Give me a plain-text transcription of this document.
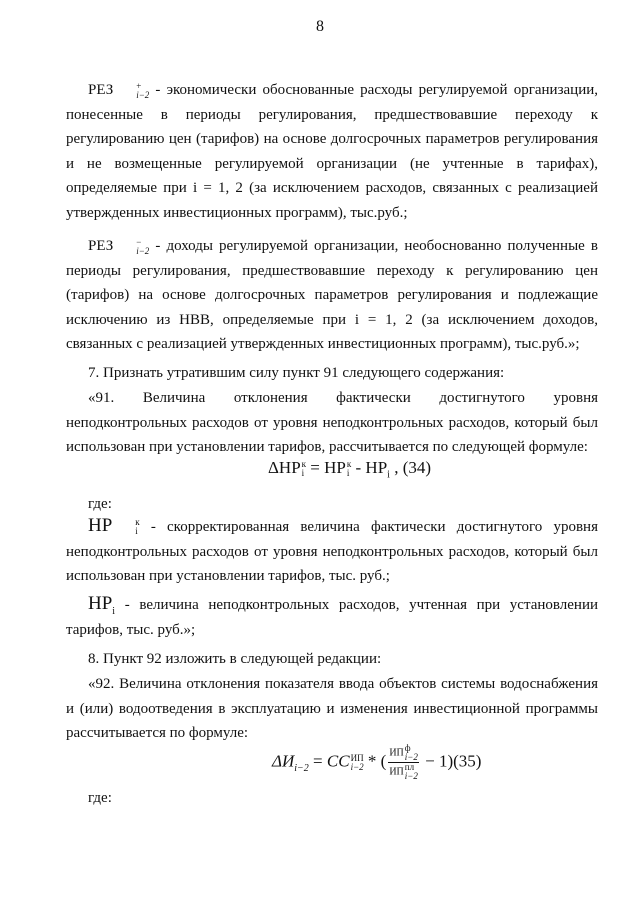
8

РЕЗ	+
i−2 - экономически обоснованные расходы регулируемой организации, понесенные в периоды регулирования, предшествовавшие переходу к регулированию цен (тарифов) на основе долгосрочных параметров регулирования и не возмещенные регулируемой организации (не учтенные в тарифах), определяемые при i = 1, 2 (за исключением расходов, связанных с реализацией утвержденных инвестиционных программ), тыс.руб.;

РЕЗ	−
i−2 - доходы регулируемой организации, необоснованно полученные в периоды регулирования, предшествовавшие переходу к регулированию цен (тарифов) на основе долгосрочных параметров регулирования и подлежащие исключению из НВВ, определяемые при i = 1, 2 (за исключением доходов, связанных с реализацией утвержденных инвестиционных программ), тыс.руб.»;

7. Признать утратившим силу пункт 91 следующего содержания:

«91. Величина отклонения фактически достигнутого уровня неподконтрольных расходов от уровня неподконтрольных расходов, который был использован при установлении тарифов, рассчитывается по следующей формуле:

ΔНР к
i = НР к
i - $НР_i$ , (34)

где:

НР	к
i - скорректированная величина фактически достигнутого уровня неподконтрольных расходов от уровня неподконтрольных расходов, который был использован при установлении тарифов, тыс. руб.;

$НР_i$ - величина неподконтрольных расходов, учтенная при установлении тарифов, тыс. руб.»;

8. Пункт 92 изложить в следующей редакции:

«92. Величина отклонения показателя ввода объектов системы водоснабжения и (или) водоотведения в эксплуатацию и изменения инвестиционной программы рассчитывается по формуле:

$\Delta И_{i-2}$ = СС ИП
i−2 * ( ИП ф
i−2
ИП пл
i−2 − 1)(35)

где:
